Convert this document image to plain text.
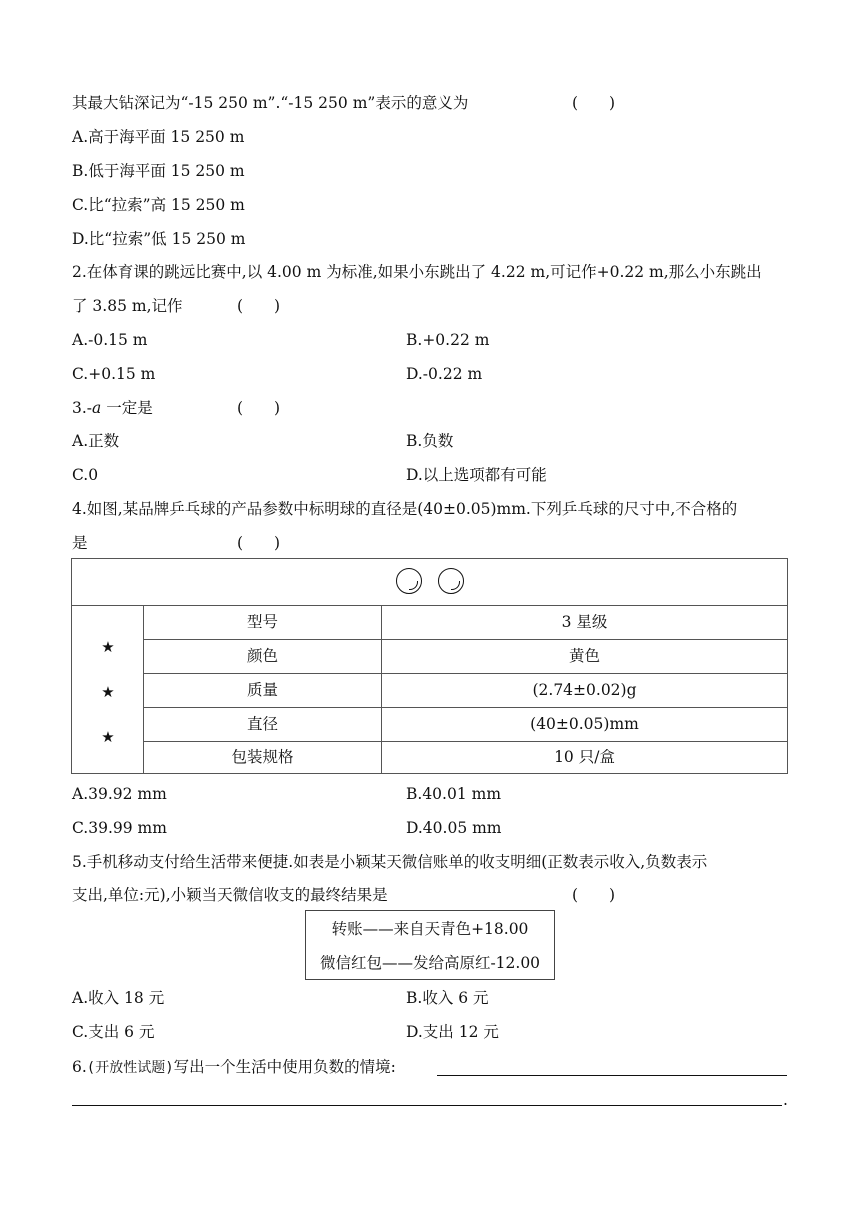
其最大钻深记为“-15 250 m”.“-15 250 m”表示的意义为	(　　)
A.高于海平面 15 250 m
B.低于海平面 15 250 m
C.比“拉索”高 15 250 m
D.比“拉索”低 15 250 m
2.在体育课的跳远比赛中,以 4.00 m 为标准,如果小东跳出了 4.22 m,可记作+0.22 m,那么小东跳出
了 3.85 m,记作	(　　)
A.-0.15 m	B.+0.22 m
C.+0.15 m	D.-0.22 m
3.-a 一定是	(　　)
A.正数	B.负数
C.0	D.以上选项都有可能
4.如图,某品牌乒乓球的产品参数中标明球的直径是(40±0.05)mm.下列乒乓球的尺寸中,不合格的
是	(　　)
★
★
★
型号	3 星级
颜色	黄色
质量	(2.74±0.02)g
直径	(40±0.05)mm
包装规格	10 只/盒
A.39.92 mm	B.40.01 mm
C.39.99 mm	D.40.05 mm
5.手机移动支付给生活带来便捷.如表是小颖某天微信账单的收支明细(正数表示收入,负数表示
支出,单位:元),小颖当天微信收支的最终结果是	(　　)
转账——来自天青色+18.00
微信红包——发给高原红-12.00
A.收入 18 元	B.收入 6 元
C.支出 6 元	D.支出 12 元
6.(开放性试题)写出一个生活中使用负数的情境:
.
